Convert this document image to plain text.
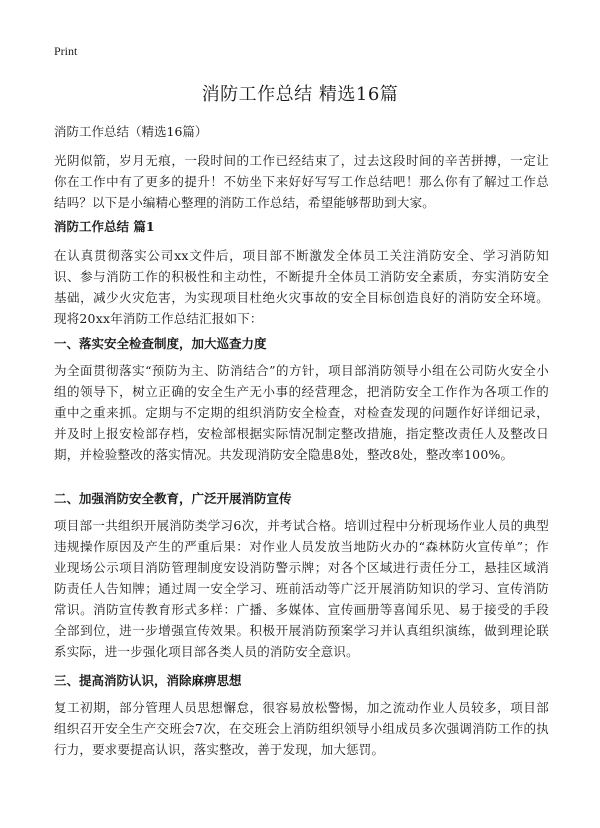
Print
消防工作总结 精选16篇

消防工作总结（精选16篇）

光阴似箭，岁月无痕，一段时间的工作已经结束了，过去这段时间的辛苦拼搏，一定让你在工作中有了更多的提升！不妨坐下来好好写写工作总结吧！那么你有了解过工作总结吗？以下是小编精心整理的消防工作总结，希望能够帮助到大家。

消防工作总结 篇1

在认真贯彻落实公司xx文件后，项目部不断激发全体员工关注消防安全、学习消防知识、参与消防工作的积极性和主动性，不断提升全体员工消防安全素质，夯实消防安全基础，减少火灾危害，为实现项目杜绝火灾事故的安全目标创造良好的消防安全环境。现将20xx年消防工作总结汇报如下：

一、落实安全检查制度，加大巡查力度

为全面贯彻落实“预防为主、防消结合”的方针，项目部消防领导小组在公司防火安全小组的领导下，树立正确的安全生产无小事的经营理念，把消防安全工作作为各项工作的重中之重来抓。定期与不定期的组织消防安全检查，对检查发现的问题作好详细记录，并及时上报安检部存档，安检部根据实际情况制定整改措施，指定整改责任人及整改日期，并检验整改的落实情况。共发现消防安全隐患8处，整改8处，整改率100%。

二、加强消防安全教育，广泛开展消防宣传

项目部一共组织开展消防类学习6次，并考试合格。培训过程中分析现场作业人员的典型违规操作原因及产生的严重后果：对作业人员发放当地防火办的“森林防火宣传单”；作业现场公示项目消防管理制度安设消防警示牌；对各个区域进行责任分工，悬挂区域消防责任人告知牌；通过周一安全学习、班前活动等广泛开展消防知识的学习、宣传消防常识。消防宣传教育形式多样：广播、多媒体、宣传画册等喜闻乐见、易于接受的手段全部到位，进一步增强宣传效果。积极开展消防预案学习并认真组织演练，做到理论联系实际，进一步强化项目部各类人员的消防安全意识。

三、提高消防认识，消除麻痹思想

复工初期，部分管理人员思想懈怠，很容易放松警惕，加之流动作业人员较多，项目部组织召开安全生产交班会7次，在交班会上消防组织领导小组成员多次强调消防工作的执行力，要求要提高认识，落实整改，善于发现，加大惩罚。
